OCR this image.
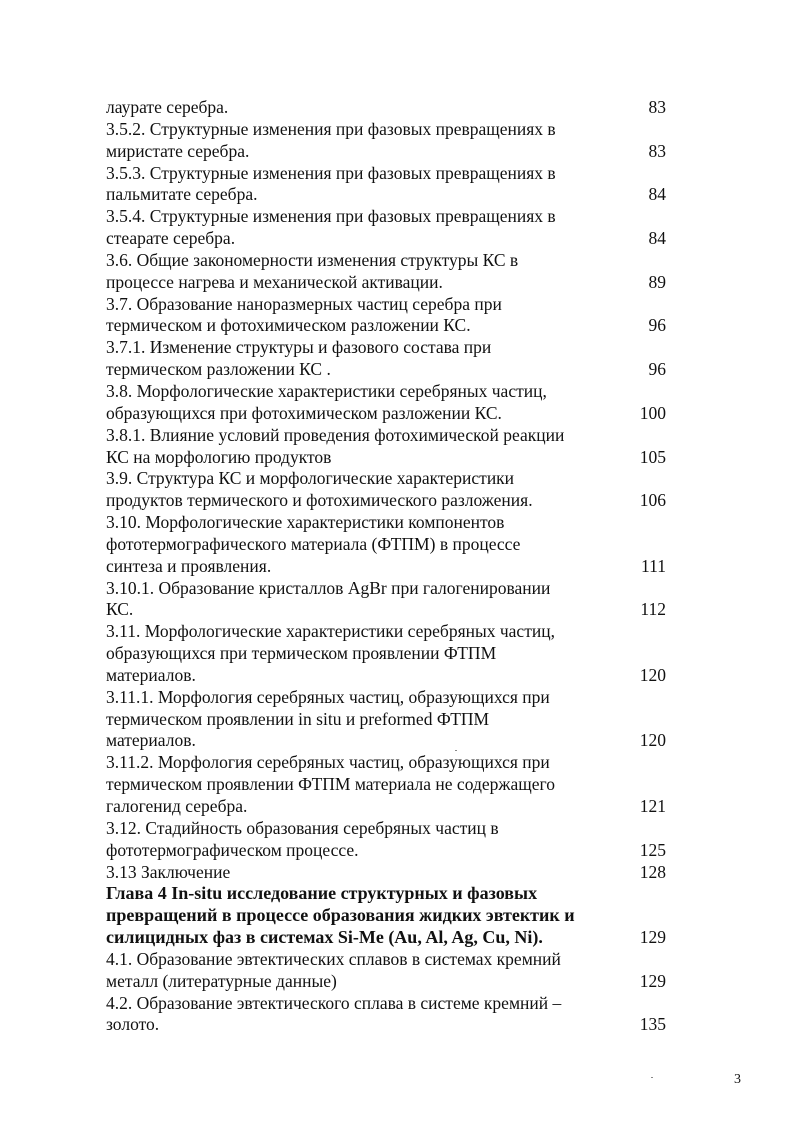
лаурате серебра.	83
3.5.2. Структурные изменения при фазовых превращениях в
миристате серебра.	83
3.5.3. Структурные изменения при фазовых превращениях в
пальмитате серебра.	84
3.5.4. Структурные изменения при фазовых превращениях в
стеарате серебра.	84
3.6. Общие закономерности изменения структуры КС в
процессе нагрева и механической активации.	89
3.7. Образование наноразмерных частиц серебра при
термическом и фотохимическом разложении КС.	96
3.7.1. Изменение структуры и фазового состава при
термическом разложении КС .	96
3.8. Морфологические характеристики серебряных частиц,
образующихся при фотохимическом разложении КС.	100
3.8.1. Влияние условий проведения фотохимической реакции
КС на морфологию продуктов	105
3.9. Структура КС и морфологические характеристики
продуктов термического и фотохимического разложения.	106
3.10. Морфологические характеристики компонентов
фототермографического материала (ФТПМ) в процессе
синтеза и проявления.	111
3.10.1. Образование кристаллов AgBr при галогенировании
КС.	112
3.11. Морфологические характеристики серебряных частиц,
образующихся при термическом проявлении ФТПМ
материалов.	120
3.11.1. Морфология серебряных частиц, образующихся при
термическом проявлении in situ и preformed ФТПМ
материалов.	120
3.11.2. Морфология серебряных частиц, образующихся при
термическом проявлении ФТПМ материала не содержащего
галогенид серебра.	121
3.12. Стадийность образования серебряных частиц в
фототермографическом процессе.	125
3.13 Заключение	128
Глава 4 In-situ исследование структурных и фазовых
превращений в процессе образования жидких эвтектик и
силицидных фаз в системах Si-Me (Au, Al, Ag, Cu, Ni).	129
4.1. Образование эвтектических сплавов в системах кремний
металл (литературные данные)	129
4.2. Образование эвтектического сплава в системе кремний –
золото.	135
3
